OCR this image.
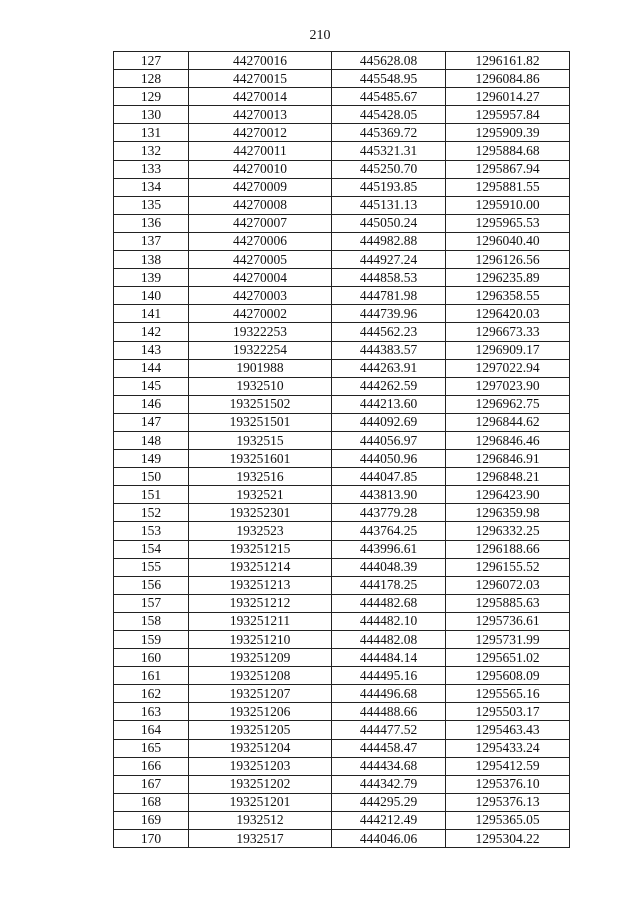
210
127	44270016	445628.08	1296161.82
128	44270015	445548.95	1296084.86
129	44270014	445485.67	1296014.27
130	44270013	445428.05	1295957.84
131	44270012	445369.72	1295909.39
132	44270011	445321.31	1295884.68
133	44270010	445250.70	1295867.94
134	44270009	445193.85	1295881.55
135	44270008	445131.13	1295910.00
136	44270007	445050.24	1295965.53
137	44270006	444982.88	1296040.40
138	44270005	444927.24	1296126.56
139	44270004	444858.53	1296235.89
140	44270003	444781.98	1296358.55
141	44270002	444739.96	1296420.03
142	19322253	444562.23	1296673.33
143	19322254	444383.57	1296909.17
144	1901988	444263.91	1297022.94
145	1932510	444262.59	1297023.90
146	193251502	444213.60	1296962.75
147	193251501	444092.69	1296844.62
148	1932515	444056.97	1296846.46
149	193251601	444050.96	1296846.91
150	1932516	444047.85	1296848.21
151	1932521	443813.90	1296423.90
152	193252301	443779.28	1296359.98
153	1932523	443764.25	1296332.25
154	193251215	443996.61	1296188.66
155	193251214	444048.39	1296155.52
156	193251213	444178.25	1296072.03
157	193251212	444482.68	1295885.63
158	193251211	444482.10	1295736.61
159	193251210	444482.08	1295731.99
160	193251209	444484.14	1295651.02
161	193251208	444495.16	1295608.09
162	193251207	444496.68	1295565.16
163	193251206	444488.66	1295503.17
164	193251205	444477.52	1295463.43
165	193251204	444458.47	1295433.24
166	193251203	444434.68	1295412.59
167	193251202	444342.79	1295376.10
168	193251201	444295.29	1295376.13
169	1932512	444212.49	1295365.05
170	1932517	444046.06	1295304.22
